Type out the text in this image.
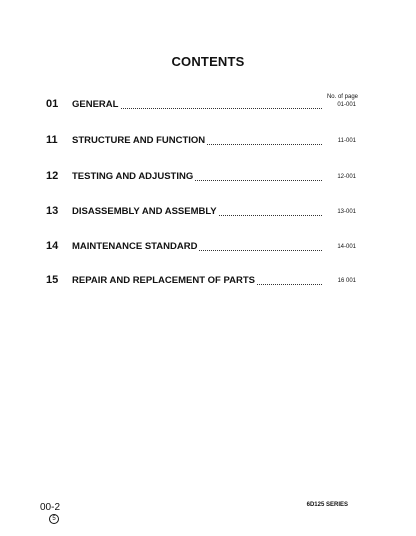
CONTENTS
No. of page
01 GENERAL	01-001
11 STRUCTURE AND FUNCTION	11-001
12 TESTING AND ADJUSTING	12-001
13 DISASSEMBLY AND ASSEMBLY	13-001
14 MAINTENANCE STANDARD	14-001
15 REPAIR AND REPLACEMENT OF PARTS	16 001
00-2
5
6D125 SERIES
